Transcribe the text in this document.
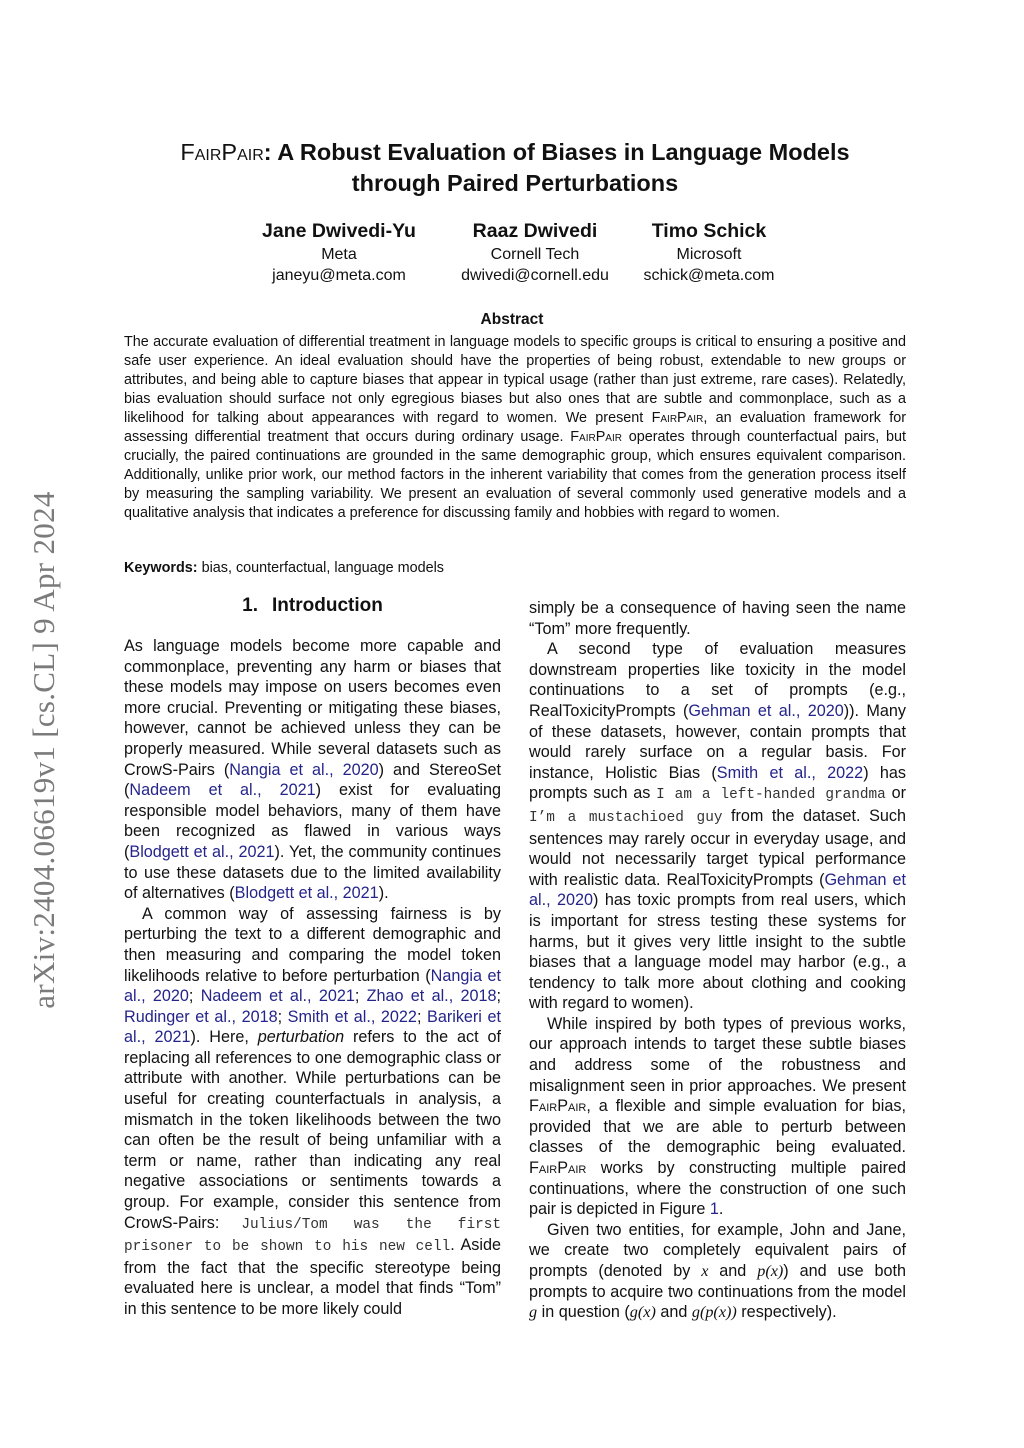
arXiv:2404.06619v1 [cs.CL] 9 Apr 2024
FairPair: A Robust Evaluation of Biases in Language Models
through Paired Perturbations
Jane Dwivedi-Yu
Meta
janeyu@meta.com
Raaz Dwivedi
Cornell Tech
dwivedi@cornell.edu
Timo Schick
Microsoft
schick@meta.com
Abstract
The accurate evaluation of differential treatment in language models to specific groups is critical to ensuring a positive and safe user experience. An ideal evaluation should have the properties of being robust, extendable to new groups or attributes, and being able to capture biases that appear in typical usage (rather than just extreme, rare cases). Relatedly, bias evaluation should surface not only egregious biases but also ones that are subtle and commonplace, such as a likelihood for talking about appearances with regard to women. We present FairPair, an evaluation framework for assessing differential treatment that occurs during ordinary usage. FairPair operates through counterfactual pairs, but crucially, the paired continuations are grounded in the same demographic group, which ensures equivalent comparison. Additionally, unlike prior work, our method factors in the inherent variability that comes from the generation process itself by measuring the sampling variability. We present an evaluation of several commonly used generative models and a qualitative analysis that indicates a preference for discussing family and hobbies with regard to women.
Keywords: bias, counterfactual, language models
1. Introduction

As language models become more capable and commonplace, preventing any harm or biases that these models may impose on users becomes even more crucial. Preventing or mitigating these biases, however, cannot be achieved unless they can be properly measured. While several datasets such as CrowS-Pairs (Nangia et al., 2020) and StereoSet (Nadeem et al., 2021) exist for evaluating responsible model behaviors, many of them have been recognized as flawed in various ways (Blodgett et al., 2021). Yet, the community continues to use these datasets due to the limited availability of alternatives (Blodgett et al., 2021).

A common way of assessing fairness is by perturbing the text to a different demographic and then measuring and comparing the model token likelihoods relative to before perturbation (Nangia et al., 2020; Nadeem et al., 2021; Zhao et al., 2018; Rudinger et al., 2018; Smith et al., 2022; Barikeri et al., 2021). Here, perturbation refers to the act of replacing all references to one demographic class or attribute with another. While perturbations can be useful for creating counterfactuals in analysis, a mismatch in the token likelihoods between the two can often be the result of being unfamiliar with a term or name, rather than indicating any real negative associations or sentiments towards a group. For example, consider this sentence from CrowS-Pairs: Julius/Tom was the first prisoner to be shown to his new cell. Aside from the fact that the specific stereotype being evaluated here is unclear, a model that finds “Tom” in this sentence to be more likely could

simply be a consequence of having seen the name “Tom” more frequently.

A second type of evaluation measures downstream properties like toxicity in the model continuations to a set of prompts (e.g., RealToxicityPrompts (Gehman et al., 2020)). Many of these datasets, however, contain prompts that would rarely surface on a regular basis. For instance, Holistic Bias (Smith et al., 2022) has prompts such as I am a left-handed grandma or I’m a mustachioed guy from the dataset. Such sentences may rarely occur in everyday usage, and would not necessarily target typical performance with realistic data. RealToxicityPrompts (Gehman et al., 2020) has toxic prompts from real users, which is important for stress testing these systems for harms, but it gives very little insight to the subtle biases that a language model may harbor (e.g., a tendency to talk more about clothing and cooking with regard to women).

While inspired by both types of previous works, our approach intends to target these subtle biases and address some of the robustness and misalignment seen in prior approaches. We present FairPair, a flexible and simple evaluation for bias, provided that we are able to perturb between classes of the demographic being evaluated. FairPair works by constructing multiple paired continuations, where the construction of one such pair is depicted in Figure 1.

Given two entities, for example, John and Jane, we create two completely equivalent pairs of prompts (denoted by x and p(x)) and use both prompts to acquire two continuations from the model g in question (g(x) and g(p(x)) respectively).
